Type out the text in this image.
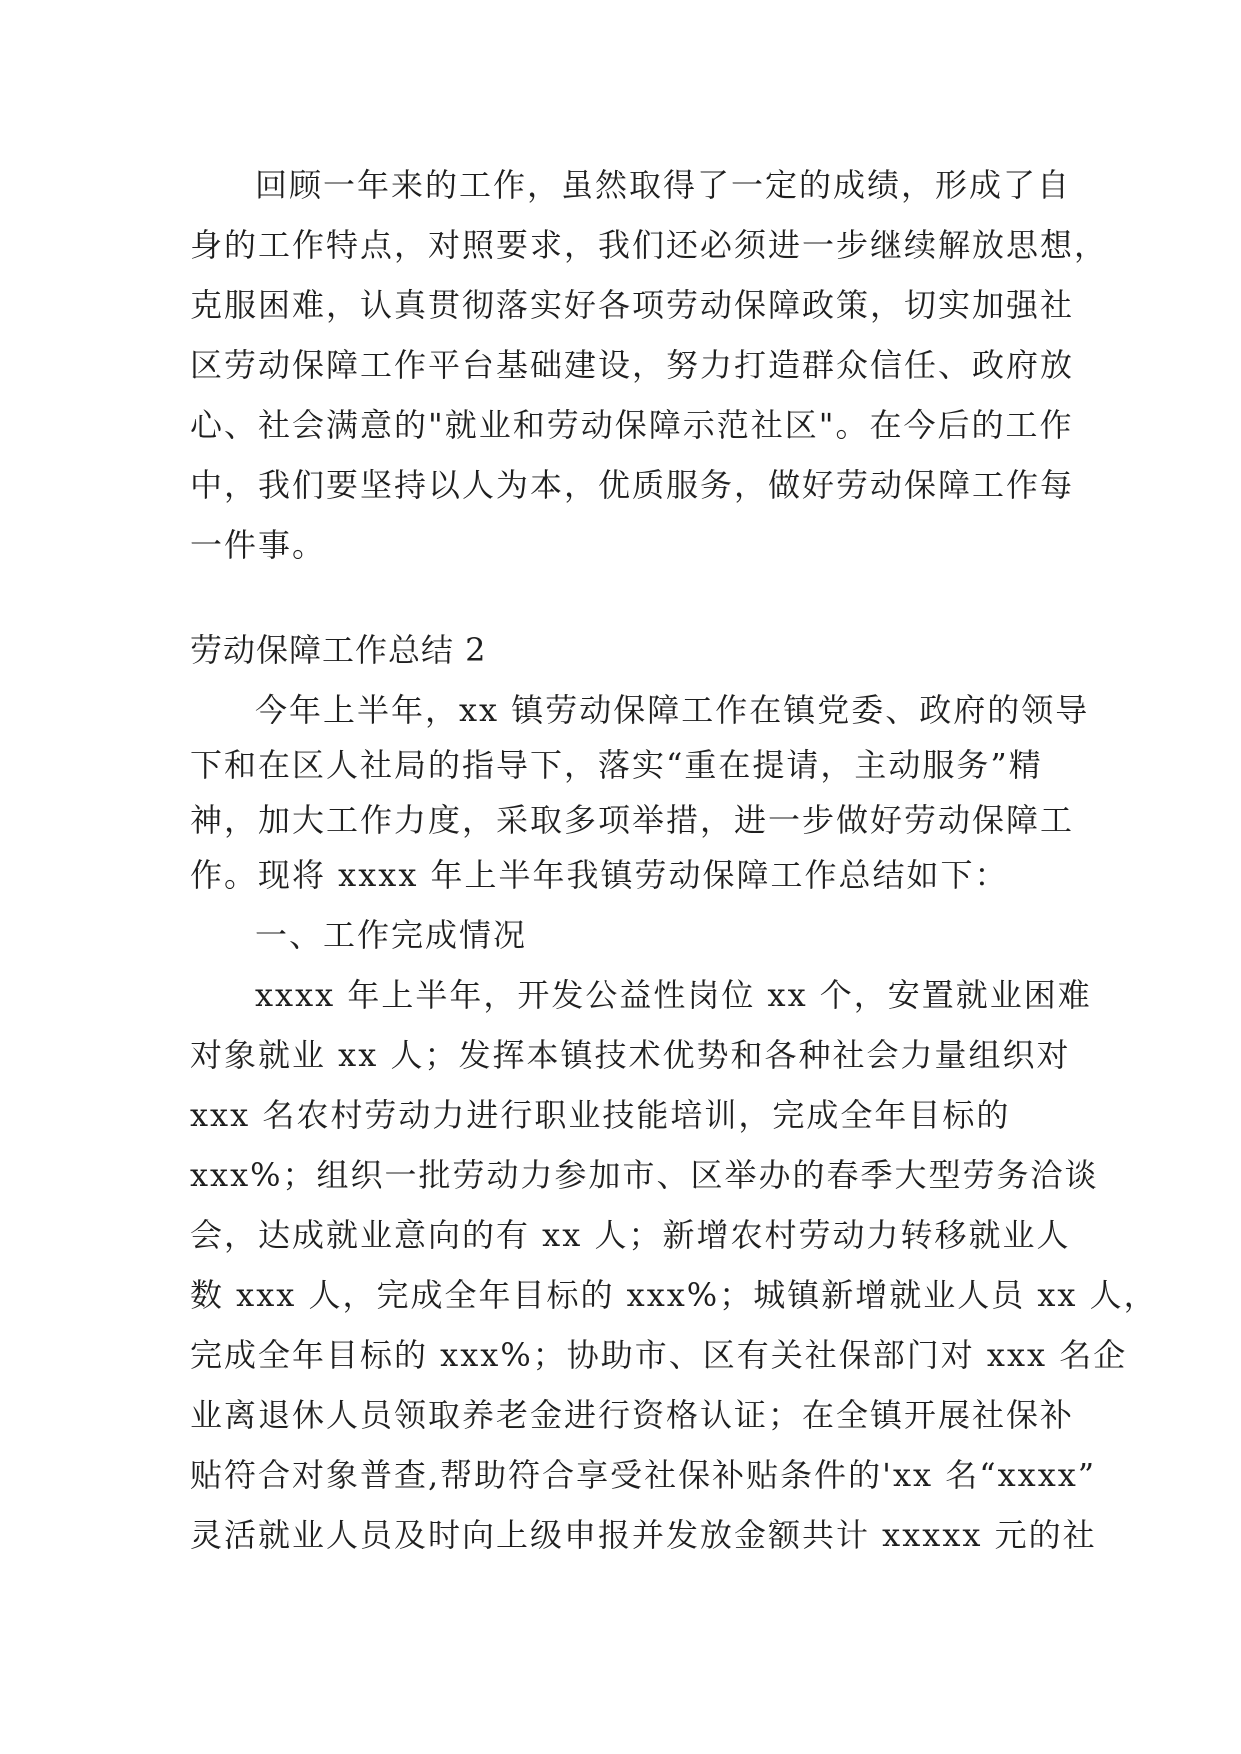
回顾一年来的工作，虽然取得了一定的成绩，形成了自

身的工作特点，对照要求，我们还必须进一步继续解放思想，

克服困难，认真贯彻落实好各项劳动保障政策，切实加强社

区劳动保障工作平台基础建设，努力打造群众信任、政府放

心、社会满意的"就业和劳动保障示范社区"。在今后的工作

中，我们要坚持以人为本，优质服务，做好劳动保障工作每

一件事。

劳动保障工作总结 2

今年上半年，xx 镇劳动保障工作在镇党委、政府的领导

下和在区人社局的指导下，落实“重在提请，主动服务”精

神，加大工作力度，采取多项举措，进一步做好劳动保障工

作。现将 xxxx 年上半年我镇劳动保障工作总结如下：

一、工作完成情况

xxxx 年上半年，开发公益性岗位 xx 个，安置就业困难

对象就业 xx 人；发挥本镇技术优势和各种社会力量组织对

xxx 名农村劳动力进行职业技能培训，完成全年目标的

xxx%；组织一批劳动力参加市、区举办的春季大型劳务洽谈

会，达成就业意向的有 xx 人；新增农村劳动力转移就业人

数 xxx 人，完成全年目标的 xxx%；城镇新增就业人员 xx 人，

完成全年目标的 xxx%；协助市、区有关社保部门对 xxx 名企

业离退休人员领取养老金进行资格认证；在全镇开展社保补

贴符合对象普查,帮助符合享受社保补贴条件的'xx 名“xxxx”

灵活就业人员及时向上级申报并发放金额共计 xxxxx 元的社
